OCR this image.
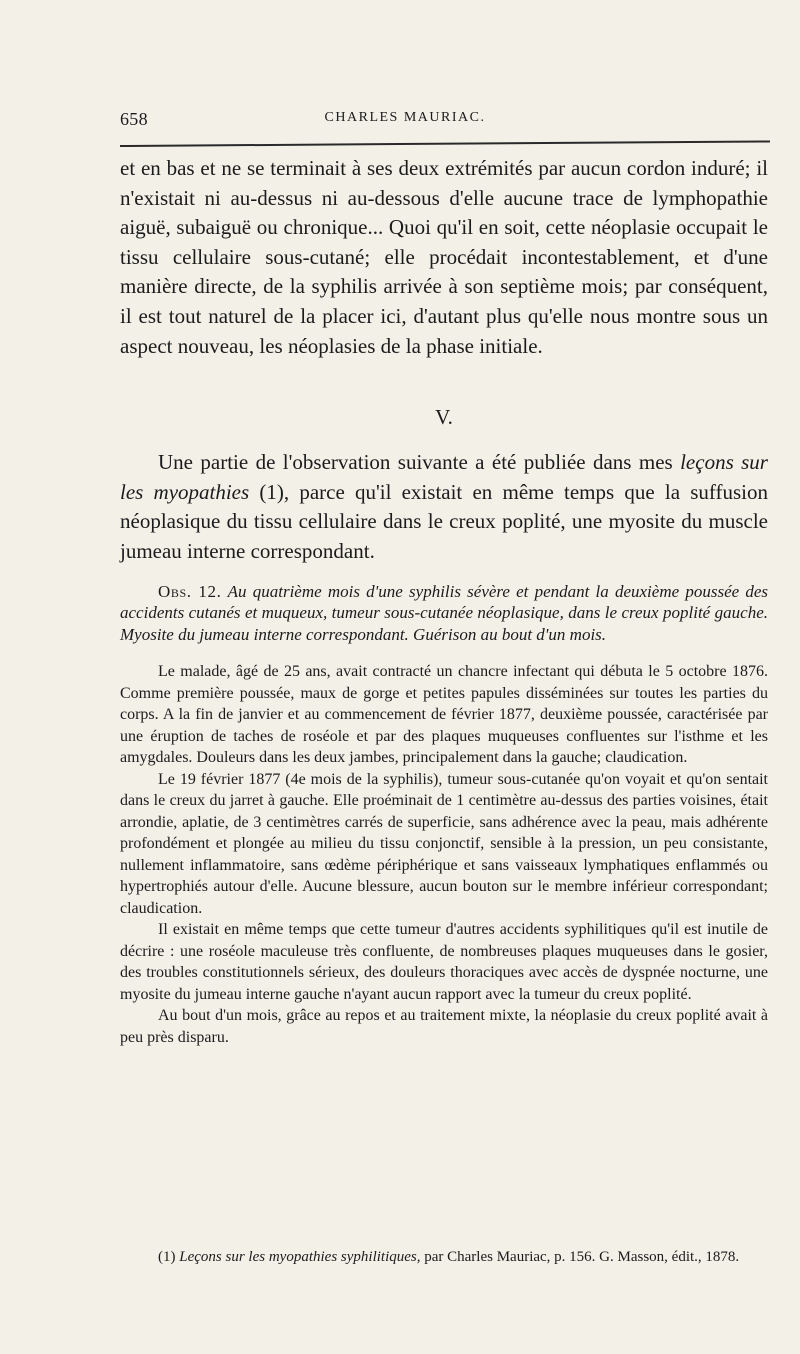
658	CHARLES MAURIAC.

et en bas et ne se terminait à ses deux extrémités par aucun cordon induré; il n'existait ni au-dessus ni au-dessous d'elle aucune trace de lymphopathie aiguë, subaiguë ou chronique... Quoi qu'il en soit, cette néoplasie occupait le tissu cellulaire sous-cutané; elle procédait incontestablement, et d'une manière directe, de la syphilis arrivée à son septième mois; par conséquent, il est tout naturel de la placer ici, d'autant plus qu'elle nous montre sous un aspect nouveau, les néoplasies de la phase initiale.

V.

Une partie de l'observation suivante a été publiée dans mes leçons sur les myopathies (1), parce qu'il existait en même temps que la suffusion néoplasique du tissu cellulaire dans le creux poplité, une myosite du muscle jumeau interne correspondant.

Obs. 12. Au quatrième mois d'une syphilis sévère et pendant la deuxième poussée des accidents cutanés et muqueux, tumeur sous-cutanée néoplasique, dans le creux poplité gauche. Myosite du jumeau interne correspondant. Guérison au bout d'un mois.

Le malade, âgé de 25 ans, avait contracté un chancre infectant qui débuta le 5 octobre 1876. Comme première poussée, maux de gorge et petites papules disséminées sur toutes les parties du corps. A la fin de janvier et au commencement de février 1877, deuxième poussée, caractérisée par une éruption de taches de roséole et par des plaques muqueuses confluentes sur l'isthme et les amygdales. Douleurs dans les deux jambes, principalement dans la gauche; claudication.

Le 19 février 1877 (4e mois de la syphilis), tumeur sous-cutanée qu'on voyait et qu'on sentait dans le creux du jarret à gauche. Elle proéminait de 1 centimètre au-dessus des parties voisines, était arrondie, aplatie, de 3 centimètres carrés de superficie, sans adhérence avec la peau, mais adhérente profondément et plongée au milieu du tissu conjonctif, sensible à la pression, un peu consistante, nullement inflammatoire, sans œdème périphérique et sans vaisseaux lymphatiques enflammés ou hypertrophiés autour d'elle. Aucune blessure, aucun bouton sur le membre inférieur correspondant; claudication.

Il existait en même temps que cette tumeur d'autres accidents syphilitiques qu'il est inutile de décrire : une roséole maculeuse très confluente, de nombreuses plaques muqueuses dans le gosier, des troubles constitutionnels sérieux, des douleurs thoraciques avec accès de dyspnée nocturne, une myosite du jumeau interne gauche n'ayant aucun rapport avec la tumeur du creux poplité.

Au bout d'un mois, grâce au repos et au traitement mixte, la néoplasie du creux poplité avait à peu près disparu.

(1) Leçons sur les myopathies syphilitiques, par Charles Mauriac, p. 156. G. Masson, édit., 1878.
